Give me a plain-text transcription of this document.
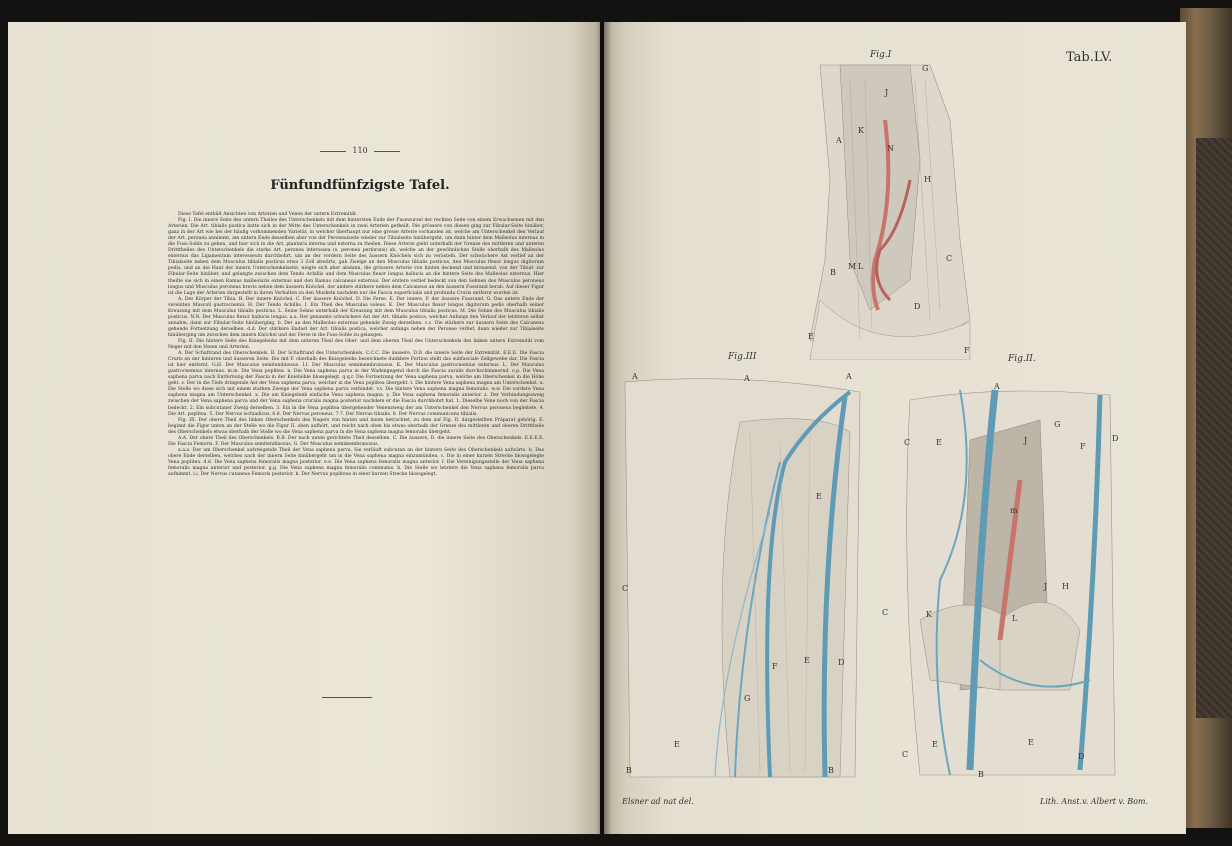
110
Fünfundfünfzigste Tafel.

Diese Tafel enthält Ansichten von Arterien und Venen der untern Extremität.

Fig. I. Die innere Seite des untern Theiles des Unterschenkels mit dem hintersten Ende der Fusswurzel der rechten Seite von einem Erwachsenen mit den Arterien. Die Art. tibialis postica hatte sich in der Mitte des Unterschenkels in zwei Arterien getheilt. Die grössere von diesen ging zur Fibular-Seite hinüber, ganz in der Art wie bei der häufig vorkommenden Varietät, in welcher überhaupt nur eine grosse Arterie vorhanden ist, welche am Unterschenkel den Verlauf der Art. peronea annimmt, am untern Ende desselben aber von der Peronealseite wieder zur Tibialseite hinübergeht, um dann hinter dem Malleolus internus in die Fuss-Sohle zu gehen, und hier sich in die Art. plantaris interna und externa zu theilen. Diese Arterie giebt unterhalb der Grenze des mittleren und unteren Dritttheiles des Unterschenkels die starke Art. peronea interossea (s. peronea perforans) ab, welche an der gewöhnlichen Stelle oberhalb des Malleolus externus das Ligamentum interosseum durchbohrt, um an der vordern Seite des äussern Knöchels sich zu verästeln. Der schwächere Ast verlief an der Tibialseite neben dem Musculus tibialis posticus etwa 3 Zoll abwärts, gab Zweige an den Musculus tibialis posticus, den Musculus flexor longus digitorum pedis, und an die Haut der innern Unterschenkelseite, neigte sich aber alsdann, die grössere Arterie von hinten deckend und kreuzend, von der Tibial- zur Fibular-Seite hinüber, und gelangte zwischen dem Tendo Achillis und dem Musculus flexor longus hallucis an die hintere Seite des Malleolus externus. Hier theilte sie sich in einen Ramus malleolaris externus und den Ramus calcaneus externus. Der erstere verlief bedeckt von den Sehnen des Musculus peroneus longus und Musculus peroneus brevis neben dem äussern Knöchel, der andere stärkere neben dem Calcaneus an den äussern Fussrand herab. Auf dieser Figur ist die Lage der Arterien dargestellt in ihrem Verhalten zu den Muskeln nachdem nur die Fascia superficialis und profunda Cruris entfernt worden ist.

A. Der Körper der Tibia. B. Der innere Knöchel. C. Der äussere Knöchel. D. Die Ferse. E. Der innere, F. der äussere Fussrand. G. Das untere Ende der vereinten Musculi gastrocnemii. H. Der Tendo Achillis. I. Ein Theil des Musculus soleus. K. Der Musculus flexor longus digitorum pedis oberhalb seiner Kreuzung mit dem Musculus tibialis posticus. L. Seine Sehne unterhalb der Kreuzung mit dem Musculus tibialis posticus. M. Die Sehne des Musculus tibialis posticus. N.N. Der Musculus flexor hallucis longus. a.a. Der genannte schwächere Ast der Art. tibialis postica, welcher Anfangs den Verlauf der letzteren selbst annahm, dann zur Fibular-Seite hinüberging. b. Der an den Malleolus externus gehende Zweig derselben. c.c. Die stärkere zur äussern Seite des Calcaneus gehende Fortsetzung derselben. d.d. Der stärkere Endast der Art. tibialis postica, welcher anfangs neben der Peronee verlief, dann wieder zur Tibialseite hinüberging um zwischen dem innern Knöchel und der Ferse in die Fuss-Sohle zu gelangen.

Fig. II. Die hintere Seite des Kniegelenks mit dem unteren Theil des Ober- und dem oberen Theil des Unterschenkels des linken untern Extremität vom Neger mit den Venen und Arterien.

A. Der Schaftrand des Oberschenkels. B. Der Schaftrand des Unterschenkels. C.C.C. Die äussere, D.D. die innere Seite der Extremität. E.E.E. Die Fascia Cruris an der hinteren und äusseren Seite. Die mit F. oberhalb des Kniegelenks bezeichnete dunklere Portion stellt das subfasciale Zellgewebe dar. Die Fascia ist hier entfernt. G.H. Der Musculus semitendinosus. I.I. Der Musculus semimembranosus. K. Der Musculus gastrocnemius externus. L. Der Musculus gastrocnemius internus. m.m. Die Vena poplitea. n. Die Vena saphena parva in der Wadengegend durch die Fascia suralis durchschimmernd. o.p. Die Vena saphena parva nach Entfernung der Fascia in der Kniehöhle blossgelegt. q.q.r. Die Fortsetzung der Vena saphena parva, welche am Oberschenkel in die Höhe geht. s. Der in die Tiefe dringende Ast der Vena saphena parva, welcher in die Vena poplitea übergeht. t. Die hintere Vena saphena magna am Unterschenkel. u. Die Stelle wo diese sich mit einem starken Zweige der Vena saphena parva verbindet. v.v. Die hintere Vena saphena magna femoralis. w.w. Die vordere Vena saphena magna am Unterschenkel. x. Die am Kniegelenk einfache Vena saphena magna. y. Die Vena saphena femoralis anterior. z. Der Verbindungszweig zwischen der Vena saphena parva und der Vena saphena cruralis magna posterior nachdem er die Fascia durchbohrt hat. 1. Dieselbe Vene noch von der Fascia bedeckt. 2. Ein subcutaner Zweig derselben. 3. Ein in die Vena poplitea übergehender Venenzweig der am Unterschenkel den Nervus peroneus begleitete. 4. Die Art. poplitea. 5. Der Nervus ischiadicus. 6.6. Der Nervus peroneus. 7.7. Der Nervus tibialis. 8. Der Nervus communicans tibialis.

Fig. III. Der obere Theil des linken Oberschenkels des Negers von hinten und innen betrachtet, zu dem auf Fig. II. dargestellten Präparat gehörig. E. beginnt die Figur unten an der Stelle wo die Figur II. oben aufhört, und reicht nach oben bis etwas oberhalb der Grenze des mittleren und oberen Dritttheils des Oberschenkels etwas oberhalb der Stelle wo die Vena saphena parva in die Vena saphena magna femoralis übergeht.

A.A. Der obere Theil des Oberschenkels. B.B. Der nach unten gerichtete Theil desselben. C. Die äussere, D. die innere Seite des Oberschenkels. E.E.E.E. Die Fascia Femoris. F. Der Musculus semitendinosus. G. Der Musculus semimembranosus.

a.a.a. Der am Oberschenkel aufsteigende Theil der Vena saphena parva. Sie verläuft subcutan an der hintern Seite des Oberschenkels aufwärts. b. Das obere Ende derselben, welches nach der innern Seite hinübergeht um in die Vena saphena magna einzumünden. c. Die in einer kurzen Strecke blossgelegte Vena poplitea. d.d. Die Vena saphena femoralis magna posterior. e.e. Die Vena saphena femoralis magna anterior. f. Die Vereinigungsstelle der Vena saphena femoralis magna anterior und posterior. g.g. Die Vena saphena magna femoralis communis. h. Die Stelle wo letztere die Vena saphena femoralis parva aufnimmt. i.i. Der Nervus cutaneus Femoris posterior. k. Der Nervus popliteus in einer kurzen Strecke blossgelegt.

Tab.LV.
Fig.I
Fig.III	Fig.II.
Elsner ad nat del.	Lith. Anst.v. Albert v. Bom.
G
J
K
A
N
H
B
M L
C
D
E
F
A	A	A
C
E
F
E	D
G
E
B	B
A
C	E	J
G
F
D
m
C	K	L
H
J
E	E
C
B
D
